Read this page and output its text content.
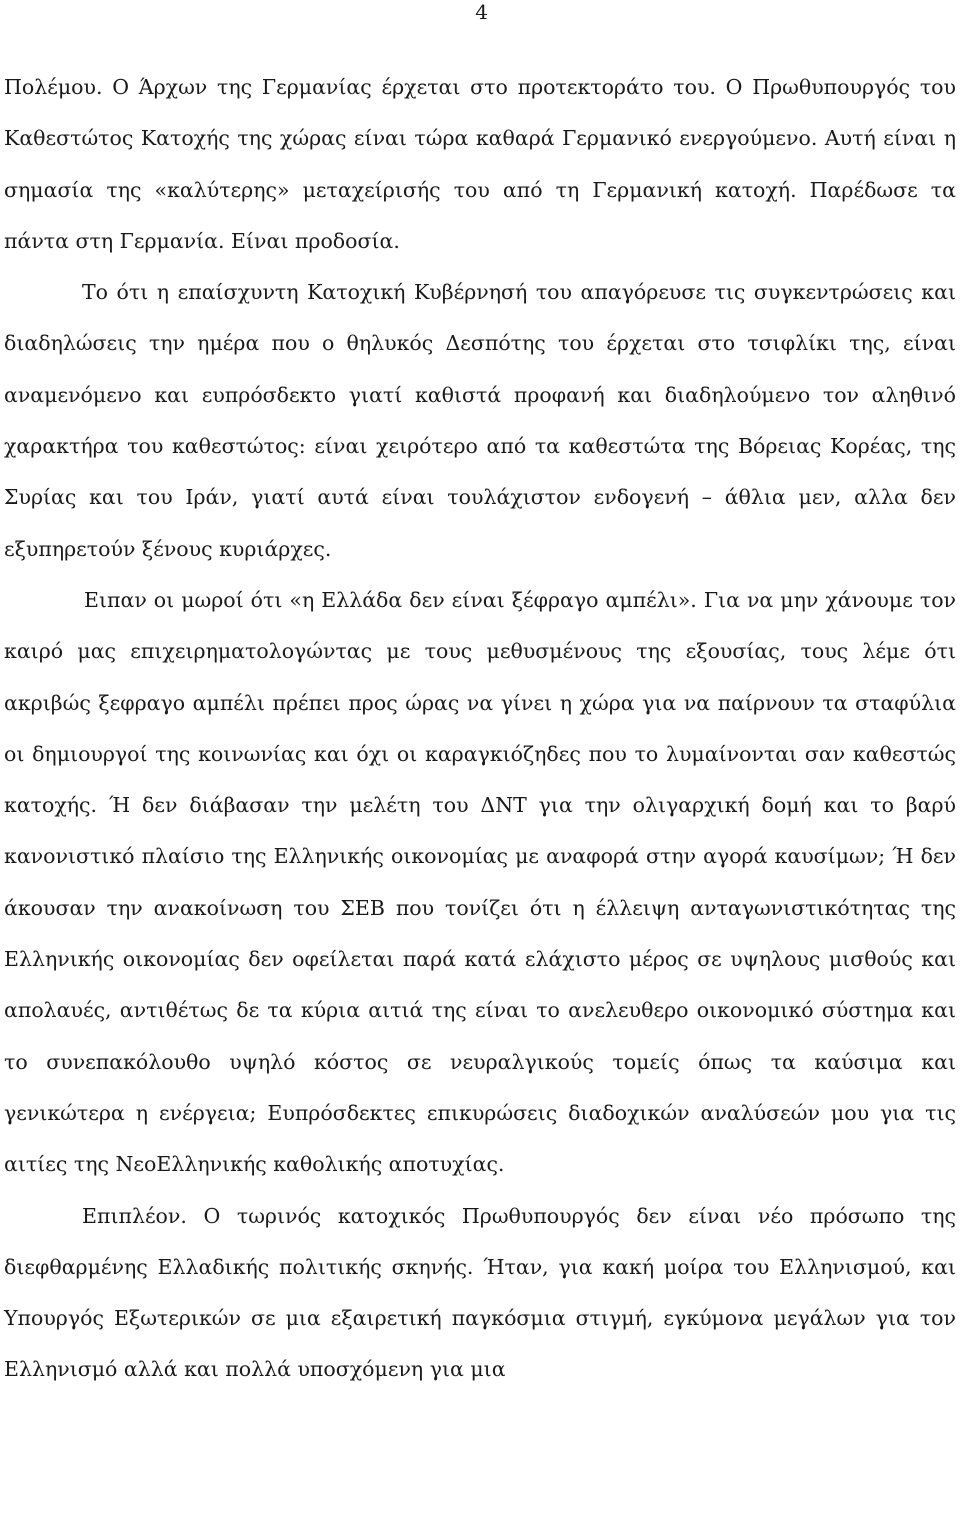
4

Πολέμου. Ο Άρχων της Γερμανίας έρχεται στο προτεκτοράτο του. Ο Πρωθυπουργός του Καθεστώτος Κατοχής της χώρας είναι τώρα καθαρά Γερμανικό ενεργούμενο. Αυτή είναι η σημασία της «καλύτερης» μεταχείρισής του από τη Γερμανική κατοχή. Παρέδωσε τα πάντα στη Γερμανία. Είναι προδοσία.

Το ότι η επαίσχυντη Κατοχική Κυβέρνησή του απαγόρευσε τις συγκεντρώσεις και διαδηλώσεις την ημέρα που ο θηλυκός Δεσπότης του έρχεται στο τσιφλίκι της, είναι αναμενόμενο και ευπρόσδεκτο γιατί καθιστά προφανή και διαδηλούμενο τον αληθινό χαρακτήρα του καθεστώτος: είναι χειρότερο από τα καθεστώτα της Βόρειας Κορέας, της Συρίας και του Ιράν, γιατί αυτά είναι τουλάχιστον ενδογενή – άθλια μεν, αλλα δεν εξυπηρετούν ξένους κυριάρχες.

Ειπαν οι μωροί ότι «η Ελλάδα δεν είναι ξέφραγο αμπέλι». Για να μην χάνουμε τον καιρό μας επιχειρηματολογώντας με τους μεθυσμένους της εξουσίας, τους λέμε ότι ακριβώς ξεφραγο αμπέλι πρέπει προς ώρας να γίνει η χώρα για να παίρνουν τα σταφύλια οι δημιουργοί της κοινωνίας και όχι οι καραγκιόζηδες που το λυμαίνονται σαν καθεστώς κατοχής. Ή δεν διάβασαν την μελέτη του ΔΝΤ για την ολιγαρχική δομή και το βαρύ κανονιστικό πλαίσιο της Ελληνικής οικονομίας με αναφορά στην αγορά καυσίμων; Ή δεν άκουσαν την ανακοίνωση του ΣΕΒ που τονίζει ότι η έλλειψη ανταγωνιστικότητας της Ελληνικής οικονομίας δεν οφείλεται παρά κατά ελάχιστο μέρος σε υψηλους μισθούς και απολαυές, αντιθέτως δε τα κύρια αιτιά της είναι το ανελευθερο οικονομικό σύστημα και το συνεπακόλουθο υψηλό κόστος σε νευραλγικούς τομείς όπως τα καύσιμα και γενικώτερα η ενέργεια; Ευπρόσδεκτες επικυρώσεις διαδοχικών αναλύσεών μου για τις αιτίες της ΝεοΕλληνικής καθολικής αποτυχίας.

Επιπλέον. Ο τωρινός κατοχικός Πρωθυπουργός δεν είναι νέο πρόσωπο της διεφθαρμένης Ελλαδικής πολιτικής σκηνής. Ήταν, για κακή μοίρα του Ελληνισμού, και Υπουργός Εξωτερικών σε μια εξαιρετική παγκόσμια στιγμή, εγκύμονα μεγάλων για τον Ελληνισμό αλλά και πολλά υποσχόμενη για μια
